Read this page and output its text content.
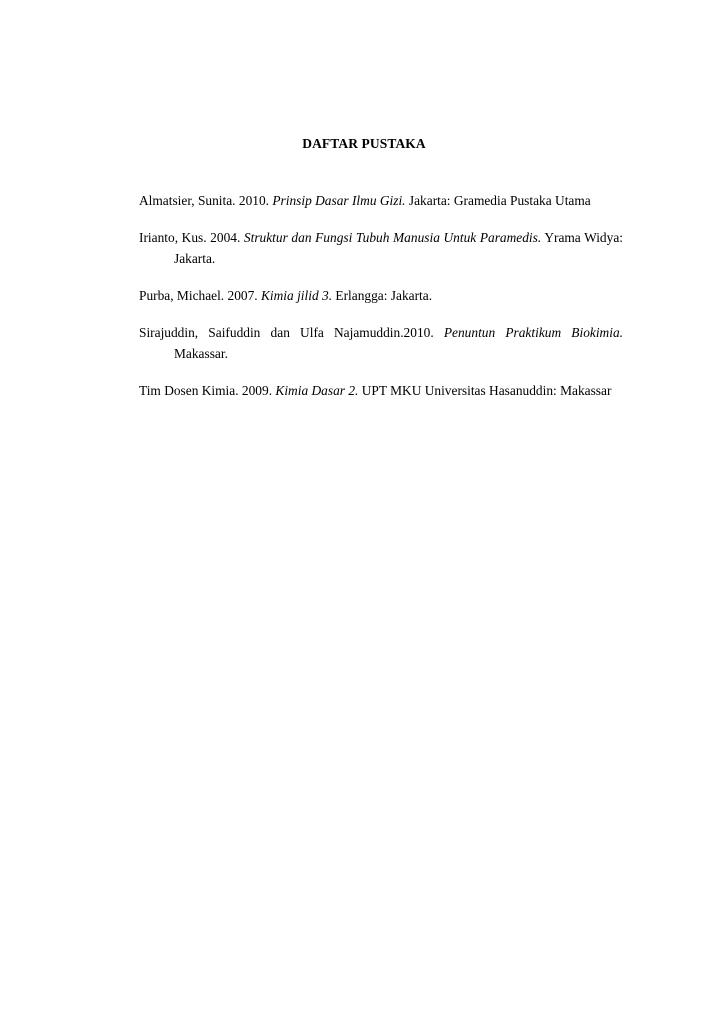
DAFTAR PUSTAKA

Almatsier, Sunita. 2010. Prinsip Dasar Ilmu Gizi. Jakarta: Gramedia Pustaka Utama

Irianto, Kus. 2004. Struktur dan Fungsi Tubuh Manusia Untuk Paramedis. Yrama Widya: Jakarta.

Purba, Michael. 2007. Kimia jilid 3. Erlangga: Jakarta.

Sirajuddin, Saifuddin dan Ulfa Najamuddin.2010. Penuntun Praktikum Biokimia. Makassar.

Tim Dosen Kimia. 2009. Kimia Dasar 2. UPT MKU Universitas Hasanuddin: Makassar
